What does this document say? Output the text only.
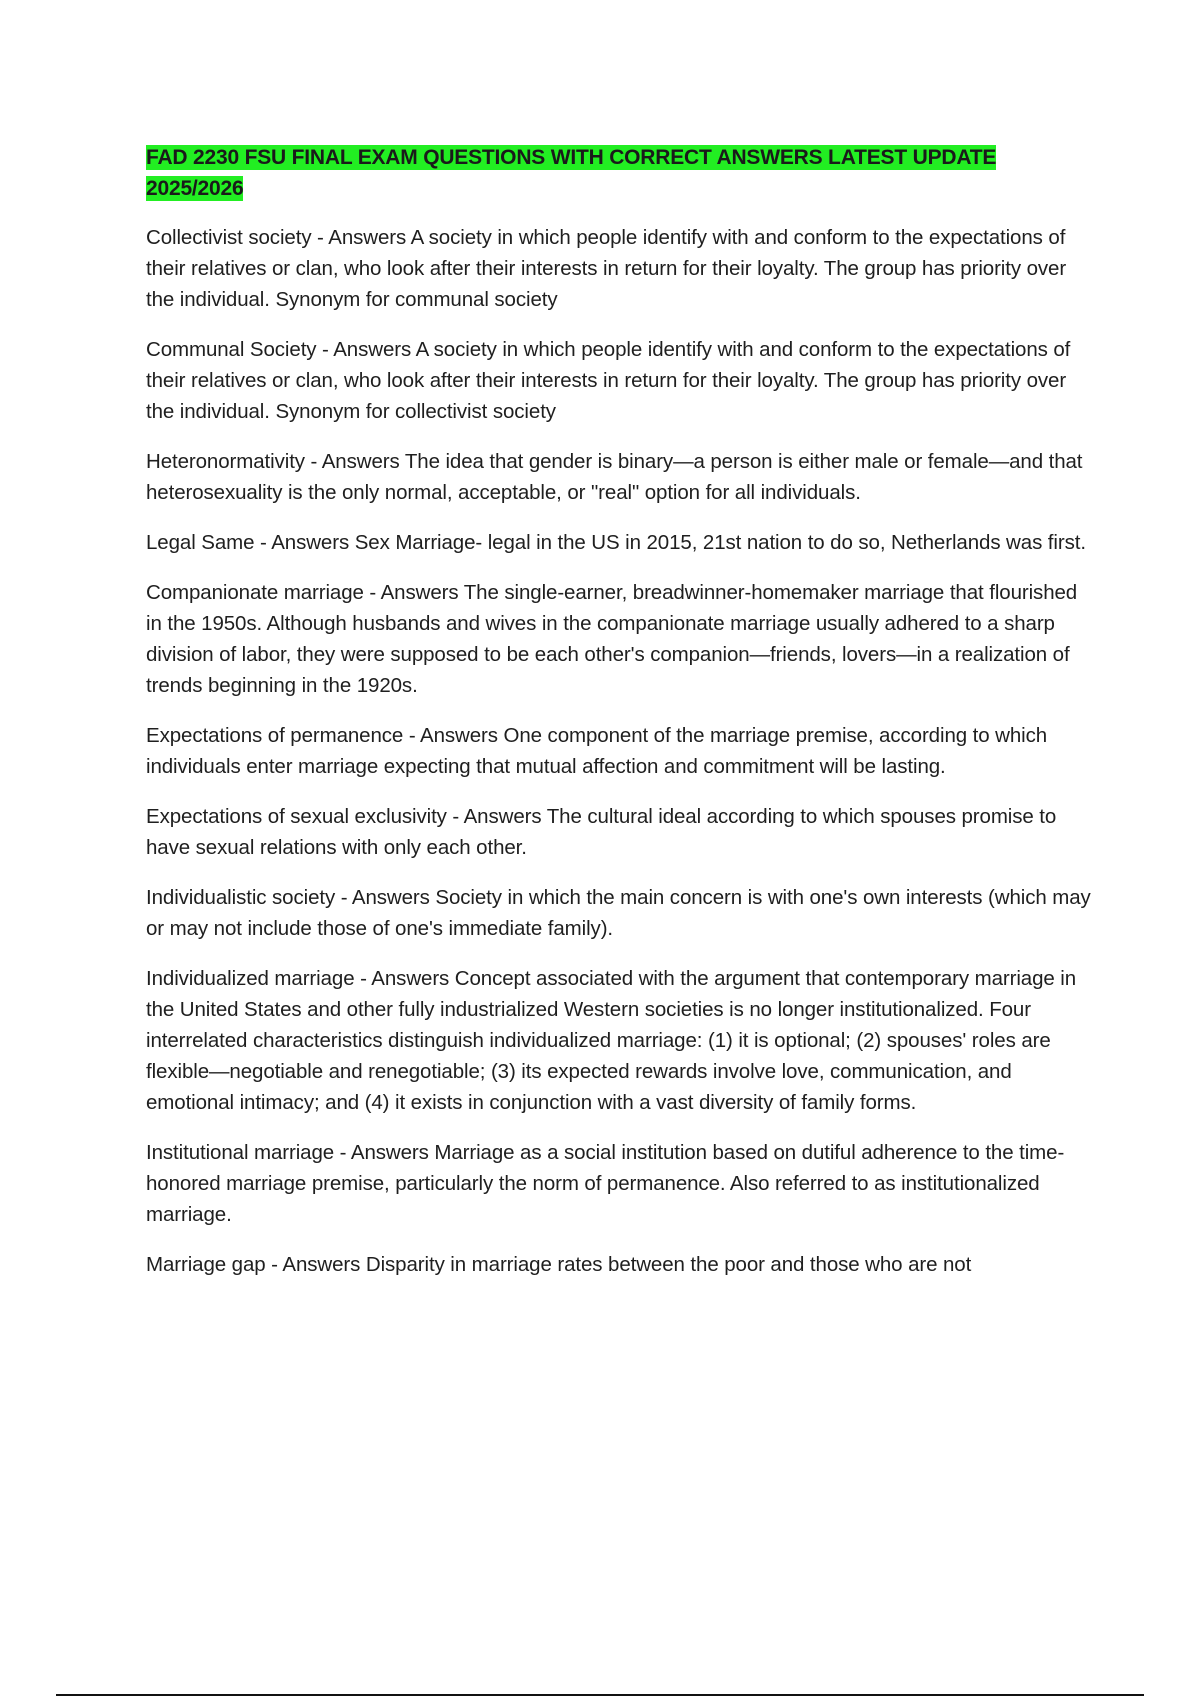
FAD 2230 FSU FINAL EXAM QUESTIONS WITH CORRECT ANSWERS LATEST UPDATE 2025/2026

Collectivist society - Answers A society in which people identify with and conform to the expectations of their relatives or clan, who look after their interests in return for their loyalty. The group has priority over the individual. Synonym for communal society

Communal Society - Answers A society in which people identify with and conform to the expectations of their relatives or clan, who look after their interests in return for their loyalty. The group has priority over the individual. Synonym for collectivist society

Heteronormativity - Answers The idea that gender is binary—a person is either male or female—and that heterosexuality is the only normal, acceptable, or "real" option for all individuals.

Legal Same - Answers Sex Marriage- legal in the US in 2015, 21st nation to do so, Netherlands was first.

Companionate marriage - Answers The single-earner, breadwinner-homemaker marriage that flourished in the 1950s. Although husbands and wives in the companionate marriage usually adhered to a sharp division of labor, they were supposed to be each other's companion—friends, lovers—in a realization of trends beginning in the 1920s.

Expectations of permanence - Answers One component of the marriage premise, according to which individuals enter marriage expecting that mutual affection and commitment will be lasting.

Expectations of sexual exclusivity - Answers The cultural ideal according to which spouses promise to have sexual relations with only each other.

Individualistic society - Answers Society in which the main concern is with one's own interests (which may or may not include those of one's immediate family).

Individualized marriage - Answers Concept associated with the argument that contemporary marriage in the United States and other fully industrialized Western societies is no longer institutionalized. Four interrelated characteristics distinguish individualized marriage: (1) it is optional; (2) spouses' roles are flexible—negotiable and renegotiable; (3) its expected rewards involve love, communication, and emotional intimacy; and (4) it exists in conjunction with a vast diversity of family forms.

Institutional marriage - Answers Marriage as a social institution based on dutiful adherence to the time-honored marriage premise, particularly the norm of permanence. Also referred to as institutionalized marriage.

Marriage gap - Answers Disparity in marriage rates between the poor and those who are not
